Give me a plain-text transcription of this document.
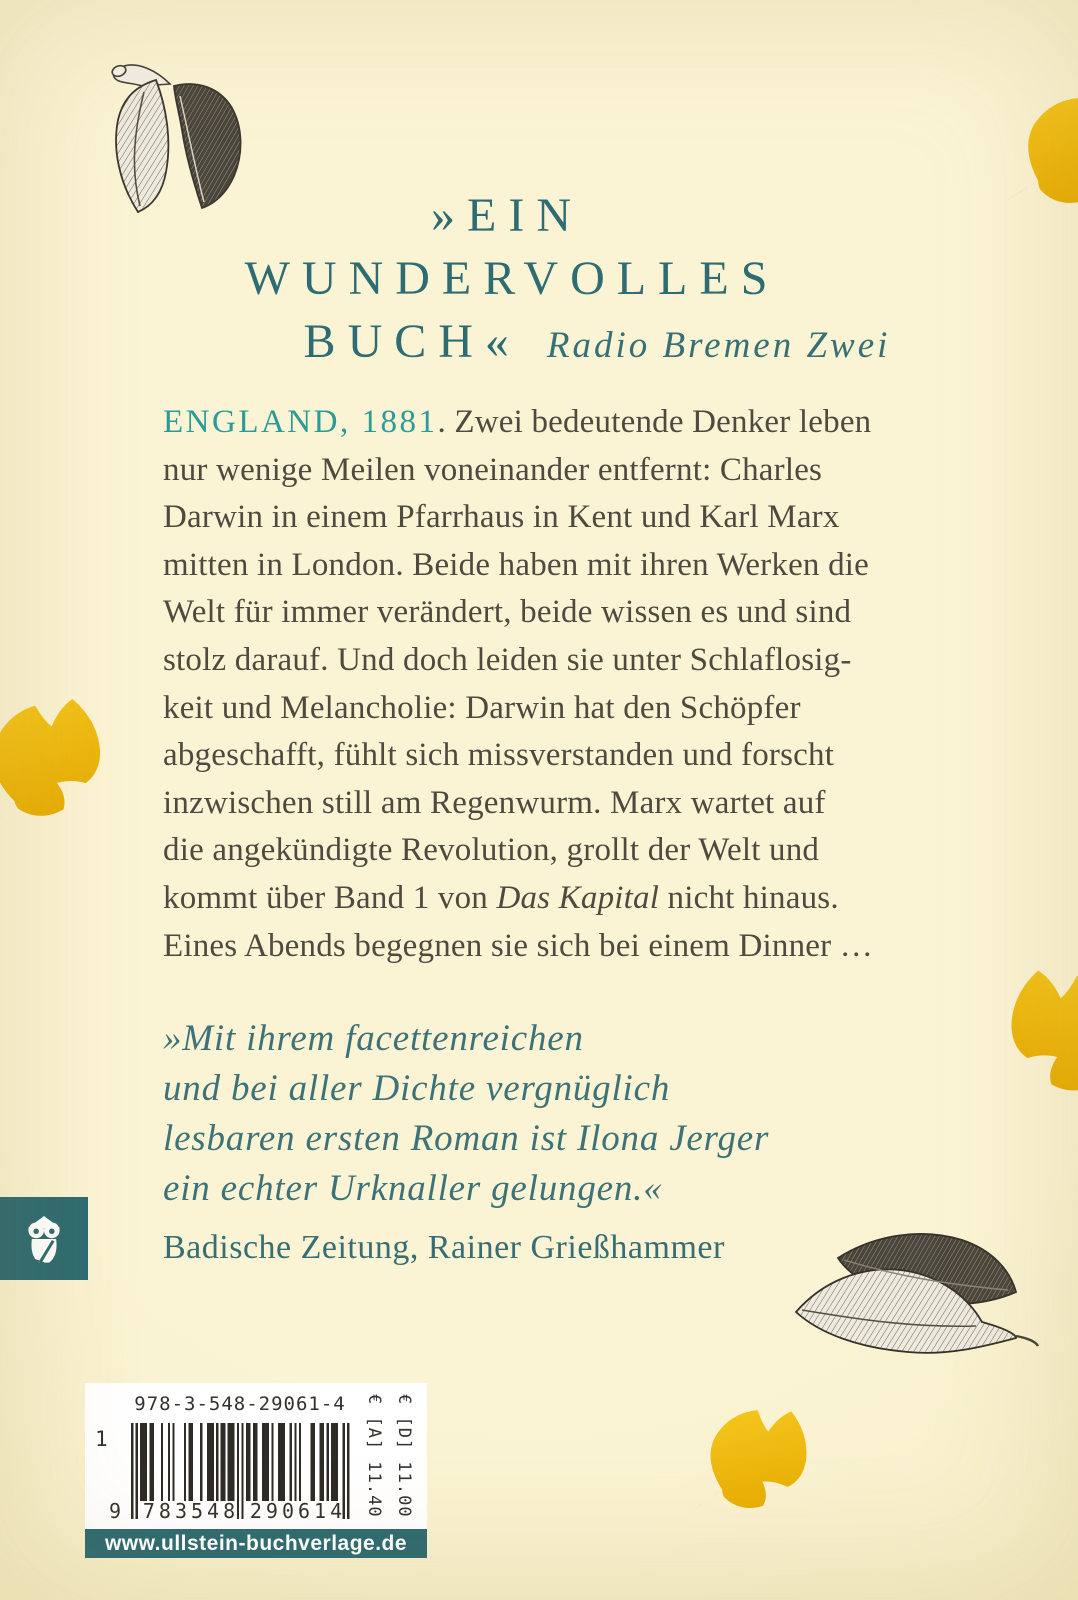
»EIN
WUNDERVOLLES
BUCH« Radio Bremen Zwei
ENGLAND, 1881. Zwei bedeutende Denker leben
nur wenige Meilen voneinander entfernt: Charles
Darwin in einem Pfarrhaus in Kent und Karl Marx
mitten in London. Beide haben mit ihren Werken die
Welt für immer verändert, beide wissen es und sind
stolz darauf. Und doch leiden sie unter Schlaflosig-
keit und Melancholie: Darwin hat den Schöpfer
abgeschafft, fühlt sich missverstanden und forscht
inzwischen still am Regenwurm. Marx wartet auf
die angekündigte Revolution, grollt der Welt und
kommt über Band 1 von Das Kapital nicht hinaus.
Eines Abends begegnen sie sich bei einem Dinner …
»Mit ihrem facettenreichen
und bei aller Dichte vergnüglich
lesbaren ersten Roman ist Ilona Jerger
ein echter Urknaller gelungen.«
Badische Zeitung, Rainer Grießhammer
978-3-548-29061-4
1
9 783548 290614	€ [D] 11.00
€ [A] 11.40
www.ullstein-buchverlage.de
